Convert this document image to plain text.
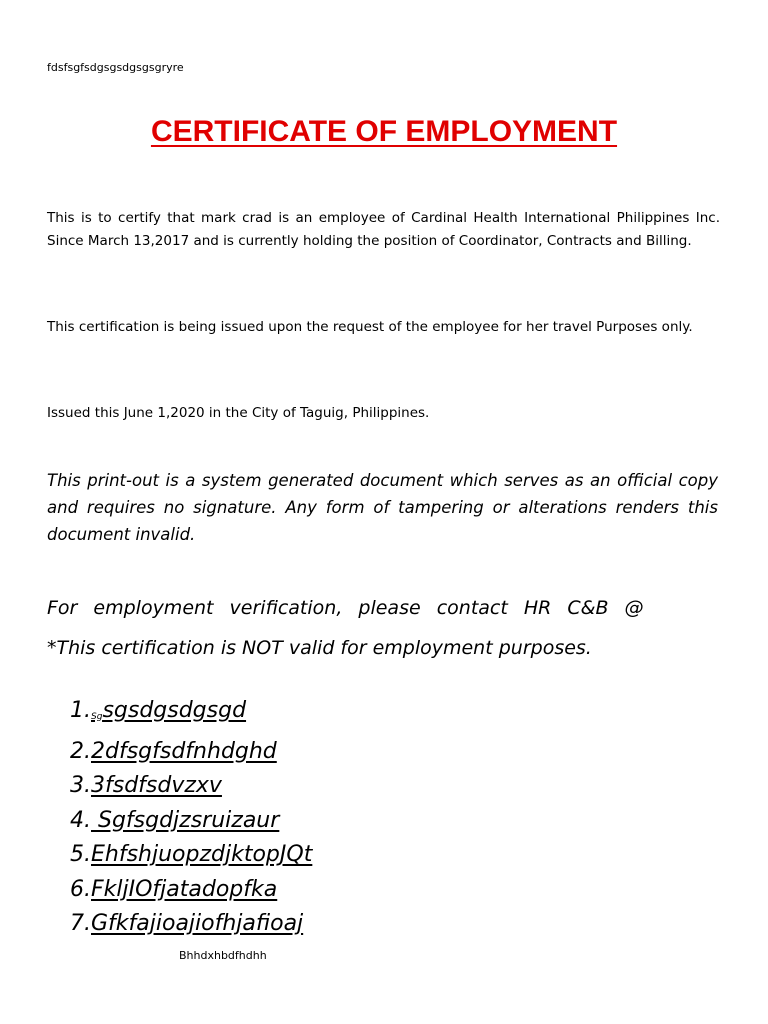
fdsfsgfsdgsgsdgsgsgryre
CERTIFICATE OF EMPLOYMENT
This is to certify that mark crad is an employee of Cardinal Health International Philippines Inc. Since March 13,2017 and is currently holding the position of Coordinator, Contracts and Billing.
This certification is being issued upon the request of the employee for her travel Purposes only.
Issued this June 1,2020 in the City of Taguig, Philippines.
This print-out is a system generated document which serves as an official copy and requires no signature. Any form of tampering or alterations renders this document invalid.
For employment verification, please contact HR C&B @
*This certification is NOT valid for employment purposes.
1.Sgsgsdgsdgsgd
2.2dfsgfsdfnhdghd
3.3fsdfsdvzxv
4. Sgfsgdjzsruizaur
5.EhfshjuopzdjktopJQt
6.FkljIOfjatadopfka
7.Gfkfajioajiofhjafioaj
Bhhdxhbdfhdhh
